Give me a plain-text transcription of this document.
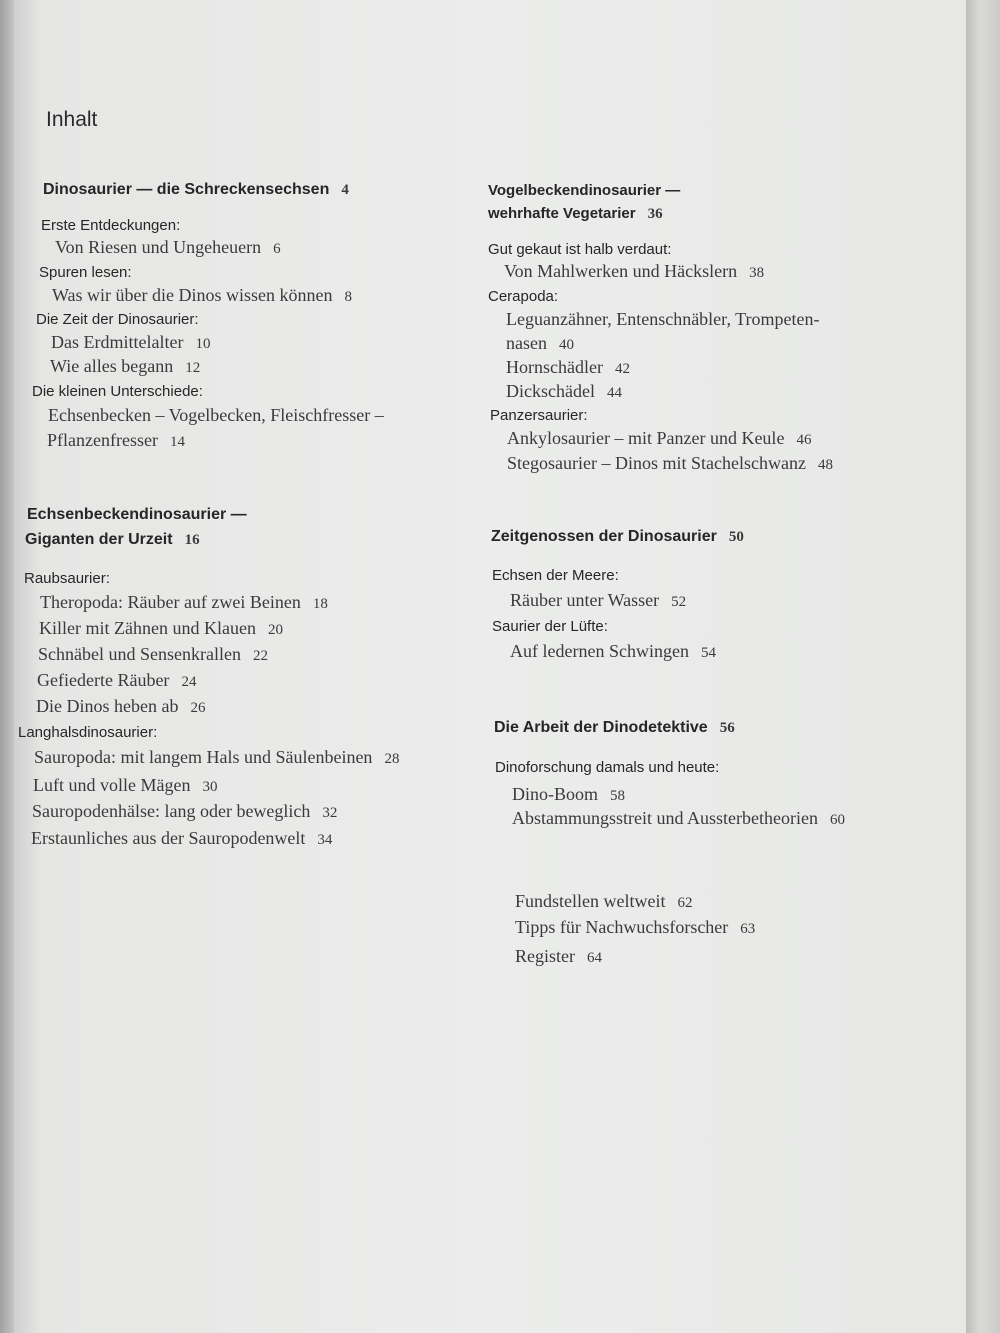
Inhalt
Dinosaurier — die Schreckensechsen 4
Erste Entdeckungen:
Von Riesen und Ungeheuern 6
Spuren lesen:
Was wir über die Dinos wissen können 8
Die Zeit der Dinosaurier:
Das Erdmittelalter 10
Wie alles begann 12
Die kleinen Unterschiede:
Echsenbecken – Vogelbecken, Fleischfresser –
Pflanzenfresser 14
Echsenbeckendinosaurier —
Giganten der Urzeit 16
Raubsaurier:
Theropoda: Räuber auf zwei Beinen 18
Killer mit Zähnen und Klauen 20
Schnäbel und Sensenkrallen 22
Gefiederte Räuber 24
Die Dinos heben ab 26
Langhalsdinosaurier:
Sauropoda: mit langem Hals und Säulenbeinen 28
Luft und volle Mägen 30
Sauropodenhälse: lang oder beweglich 32
Erstaunliches aus der Sauropodenwelt 34
Vogelbeckendinosaurier —
wehrhafte Vegetarier 36
Gut gekaut ist halb verdaut:
Von Mahlwerken und Häckslern 38
Cerapoda:
Leguanzähner, Entenschnäbler, Trompeten-
nasen 40
Hornschädler 42
Dickschädel 44
Panzersaurier:
Ankylosaurier – mit Panzer und Keule 46
Stegosaurier – Dinos mit Stachelschwanz 48
Zeitgenossen der Dinosaurier 50
Echsen der Meere:
Räuber unter Wasser 52
Saurier der Lüfte:
Auf ledernen Schwingen 54
Die Arbeit der Dinodetektive 56
Dinoforschung damals und heute:
Dino-Boom 58
Abstammungsstreit und Aussterbetheorien 60
Fundstellen weltweit 62
Tipps für Nachwuchsforscher 63
Register 64
